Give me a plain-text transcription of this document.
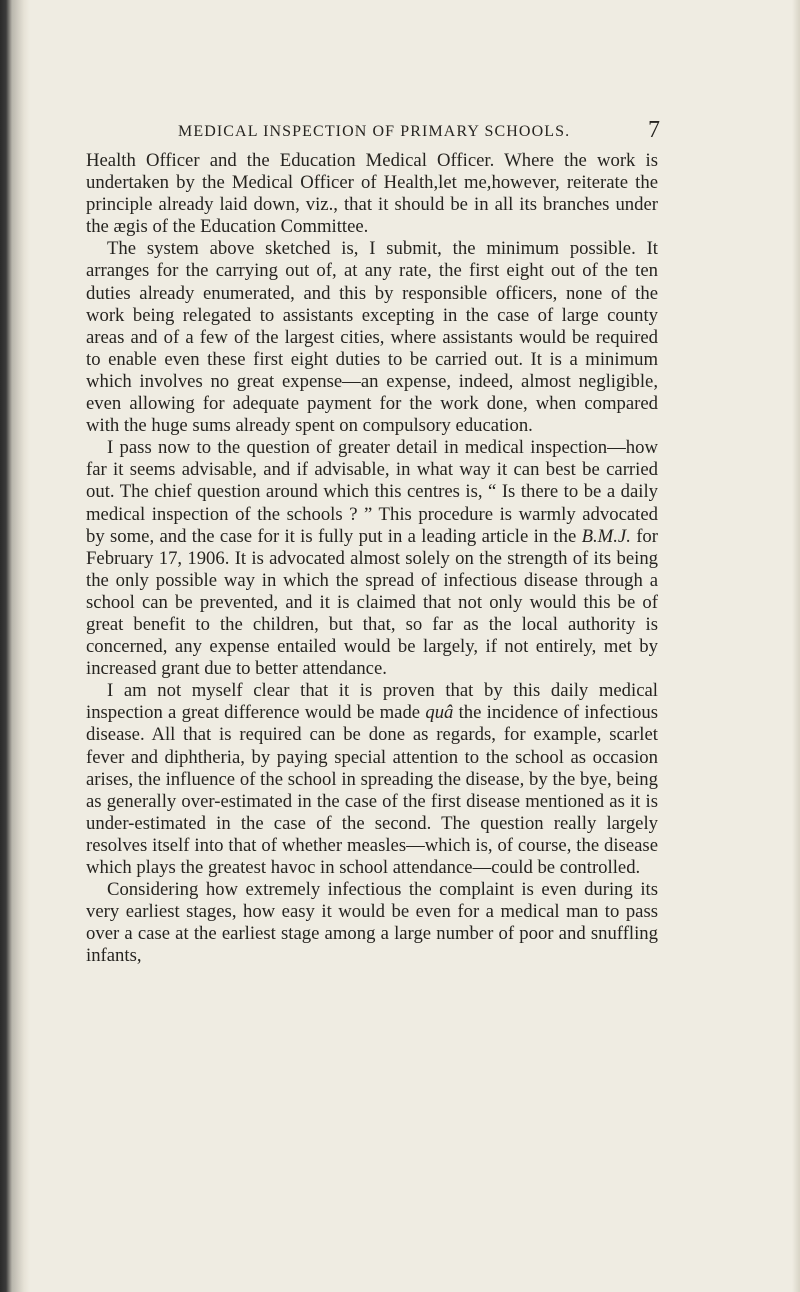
MEDICAL INSPECTION OF PRIMARY SCHOOLS.	7

Health Officer and the Education Medical Officer. Where the work is undertaken by the Medical Officer of Health,let me,however, reiterate the principle already laid down, viz., that it should be in all its branches under the ægis of the Education Committee.

The system above sketched is, I submit, the minimum possible. It arranges for the carrying out of, at any rate, the first eight out of the ten duties already enumerated, and this by responsible officers, none of the work being relegated to assistants excepting in the case of large county areas and of a few of the largest cities, where assistants would be required to enable even these first eight duties to be carried out. It is a minimum which involves no great expense—an expense, indeed, almost negligible, even allowing for adequate payment for the work done, when compared with the huge sums already spent on compulsory education.

I pass now to the question of greater detail in medical inspection—how far it seems advisable, and if advisable, in what way it can best be carried out. The chief question around which this centres is, “ Is there to be a daily medical inspection of the schools ? ” This procedure is warmly advocated by some, and the case for it is fully put in a leading article in the B.M.J. for February 17, 1906. It is advocated almost solely on the strength of its being the only possible way in which the spread of infectious disease through a school can be prevented, and it is claimed that not only would this be of great benefit to the children, but that, so far as the local authority is concerned, any expense entailed would be largely, if not entirely, met by increased grant due to better attendance.

I am not myself clear that it is proven that by this daily medical inspection a great difference would be made quâ the incidence of infectious disease. All that is required can be done as regards, for example, scarlet fever and diphtheria, by paying special attention to the school as occasion arises, the influence of the school in spreading the disease, by the bye, being as generally over-estimated in the case of the first disease mentioned as it is under-estimated in the case of the second. The question really largely resolves itself into that of whether measles—which is, of course, the disease which plays the greatest havoc in school attendance—could be controlled.

Considering how extremely infectious the complaint is even during its very earliest stages, how easy it would be even for a medical man to pass over a case at the earliest stage among a large number of poor and snuffling infants,
